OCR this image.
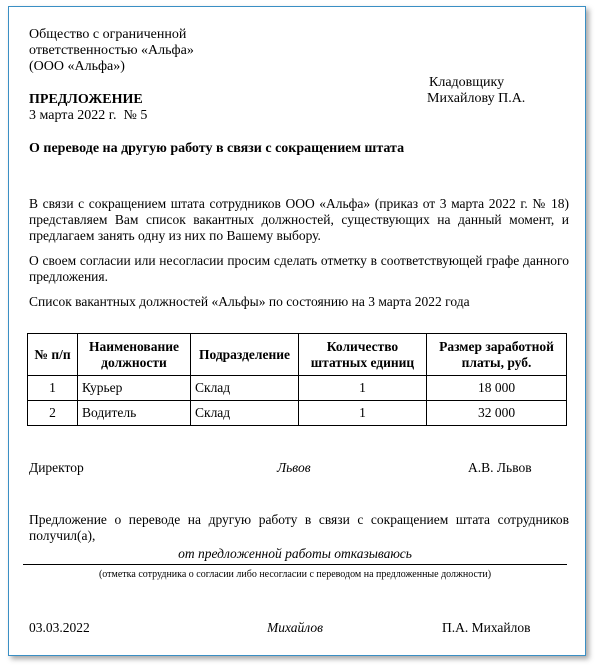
Общество с ограниченной
ответственностью «Альфа»
(ООО «Альфа»)
Кладовщику
Михайлову П.А.
ПРЕДЛОЖЕНИЕ
3 марта 2022 г.  № 5
О переводе на другую работу в связи с сокращением штата
В связи с сокращением штата сотрудников ООО «Альфа» (приказ от 3 марта 2022 г. № 18) представляем Вам список вакантных должностей, существующих на данный момент, и предлагаем занять одну из них по Вашему выбору.
О своем согласии или несогласии просим сделать отметку в соответствующей графе данного предложения.
Список вакантных должностей «Альфы» по состоянию на 3 марта 2022 года
№ п/п	Наименование должности	Подразделение	Количество штатных единиц	Размер заработной платы, руб.
1	Курьер	Склад	1	18 000
2	Водитель	Склад	1	32 000
Директор	Львов	А.В. Львов
Предложение о переводе на другую работу в связи с сокращением штата сотрудников получил(а),
от предложенной работы отказываюсь
(отметка сотрудника о согласии либо несогласии с переводом на предложенные должности)
03.03.2022	Михайлов	П.А. Михайлов
